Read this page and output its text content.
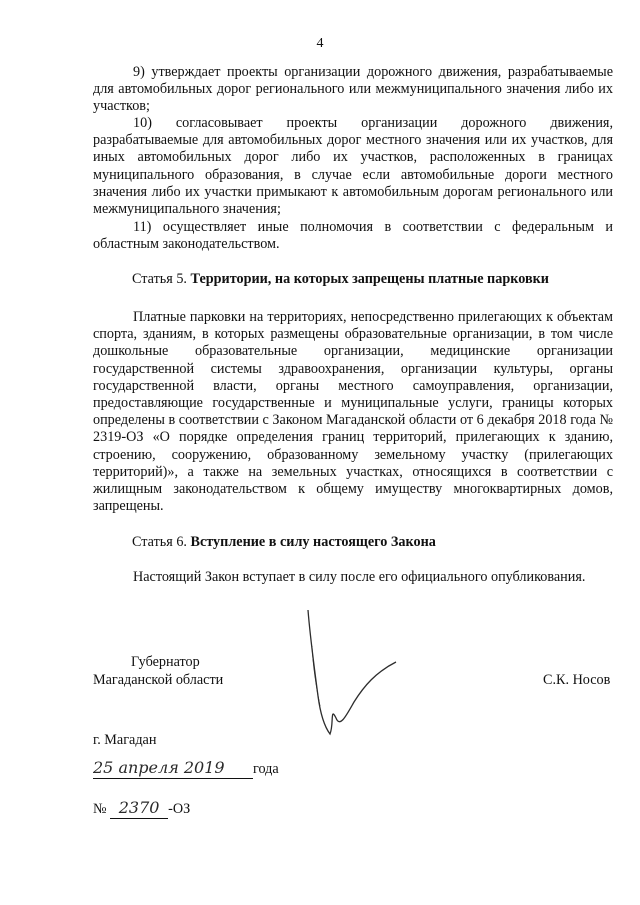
4

9) утверждает проекты организации дорожного движения, разрабатываемые для автомобильных дорог регионального или межмуниципального значения либо их участков;

10) согласовывает проекты организации дорожного движения, разрабатываемые для автомобильных дорог местного значения или их участков, для иных автомобильных дорог либо их участков, расположенных в границах муниципального образования, в случае если автомобильные дороги местного значения либо их участки примыкают к автомобильным дорогам регионального или межмуниципального значения;

11) осуществляет иные полномочия в соответствии с федеральным и областным законодательством.

Статья 5. Территории, на которых запрещены платные парковки

Платные парковки на территориях, непосредственно прилегающих к объектам спорта, зданиям, в которых размещены образовательные организации, в том числе дошкольные образовательные организации, медицинские организации государственной системы здравоохранения, организации культуры, органы государственной власти, органы местного самоуправления, организации, предоставляющие государственные и муниципальные услуги, границы которых определены в соответствии с Законом Магаданской области от 6 декабря 2018 года № 2319-ОЗ «О порядке определения границ территорий, прилегающих к зданию, строению, сооружению, образованному земельному участку (прилегающих территорий)», а также на земельных участках, относящихся в соответствии с жилищным законодательством к общему имуществу многоквартирных домов, запрещены.

Статья 6. Вступление в силу настоящего Закона

Настоящий Закон вступает в силу после его официального опубликования.

Губернатор
Магаданской области	С.К. Носов
г. Магадан
25 апреля 2019 года
№ 2370 -ОЗ
